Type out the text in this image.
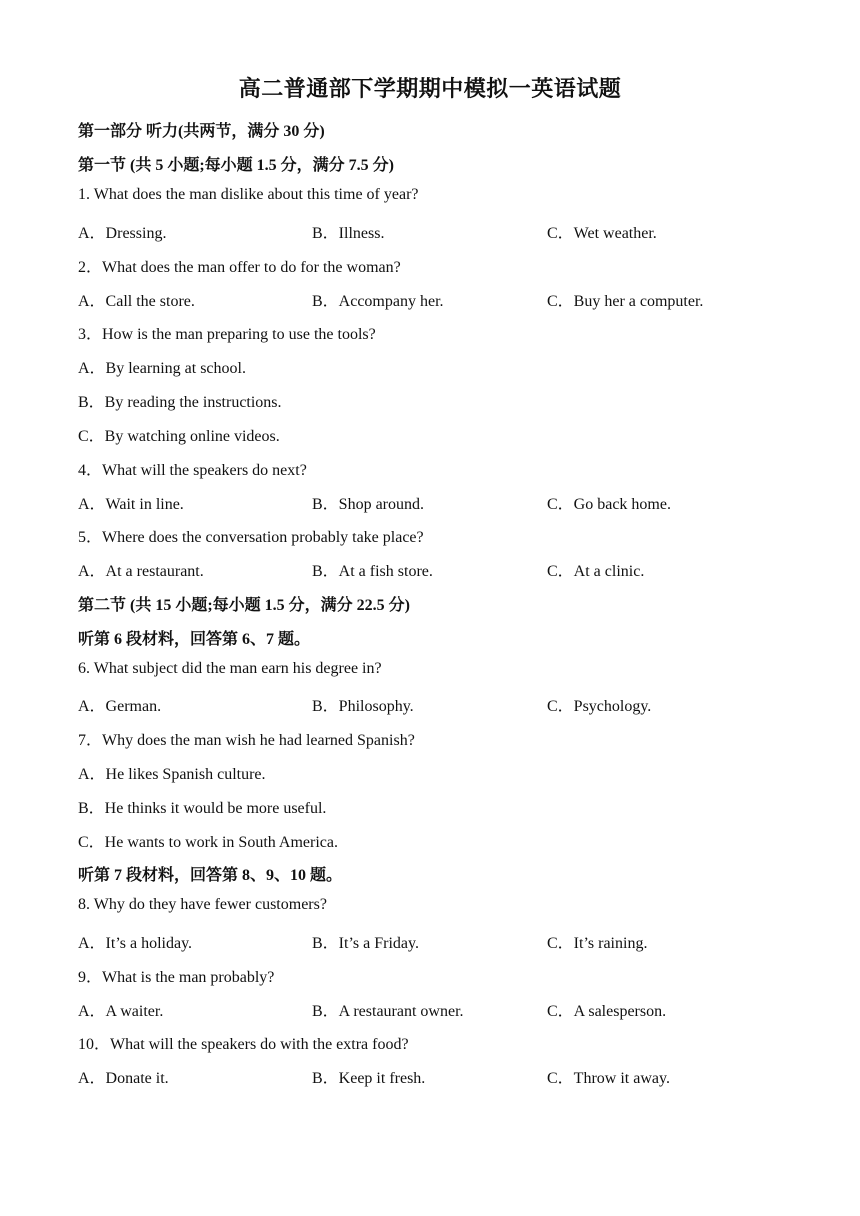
高二普通部下学期期中模拟一英语试题
第一部分 听力(共两节，满分 30 分)
第一节 (共 5 小题;每小题 1.5 分，满分 7.5 分)
1. What does the man dislike about this time of year?
A．Dressing.	B．Illness.	C．Wet weather.
2．What does the man offer to do for the woman?
A．Call the store.	B．Accompany her.	C．Buy her a computer.
3．How is the man preparing to use the tools?
A．By learning at school.
B．By reading the instructions.
C．By watching online videos.
4．What will the speakers do next?
A．Wait in line.	B．Shop around.	C．Go back home.
5．Where does the conversation probably take place?
A．At a restaurant.	B．At a fish store.	C．At a clinic.
第二节 (共 15 小题;每小题 1.5 分，满分 22.5 分)
听第 6 段材料，回答第 6、7 题。
6. What subject did the man earn his degree in?
A．German.	B．Philosophy.	C．Psychology.
7．Why does the man wish he had learned Spanish?
A．He likes Spanish culture.
B．He thinks it would be more useful.
C．He wants to work in South America.
听第 7 段材料，回答第 8、9、10 题。
8. Why do they have fewer customers?
A．It’s a holiday.	B．It’s a Friday.	C．It’s raining.
9．What is the man probably?
A．A waiter.	B．A restaurant owner.	C．A salesperson.
10．What will the speakers do with the extra food?
A．Donate it.	B．Keep it fresh.	C．Throw it away.
